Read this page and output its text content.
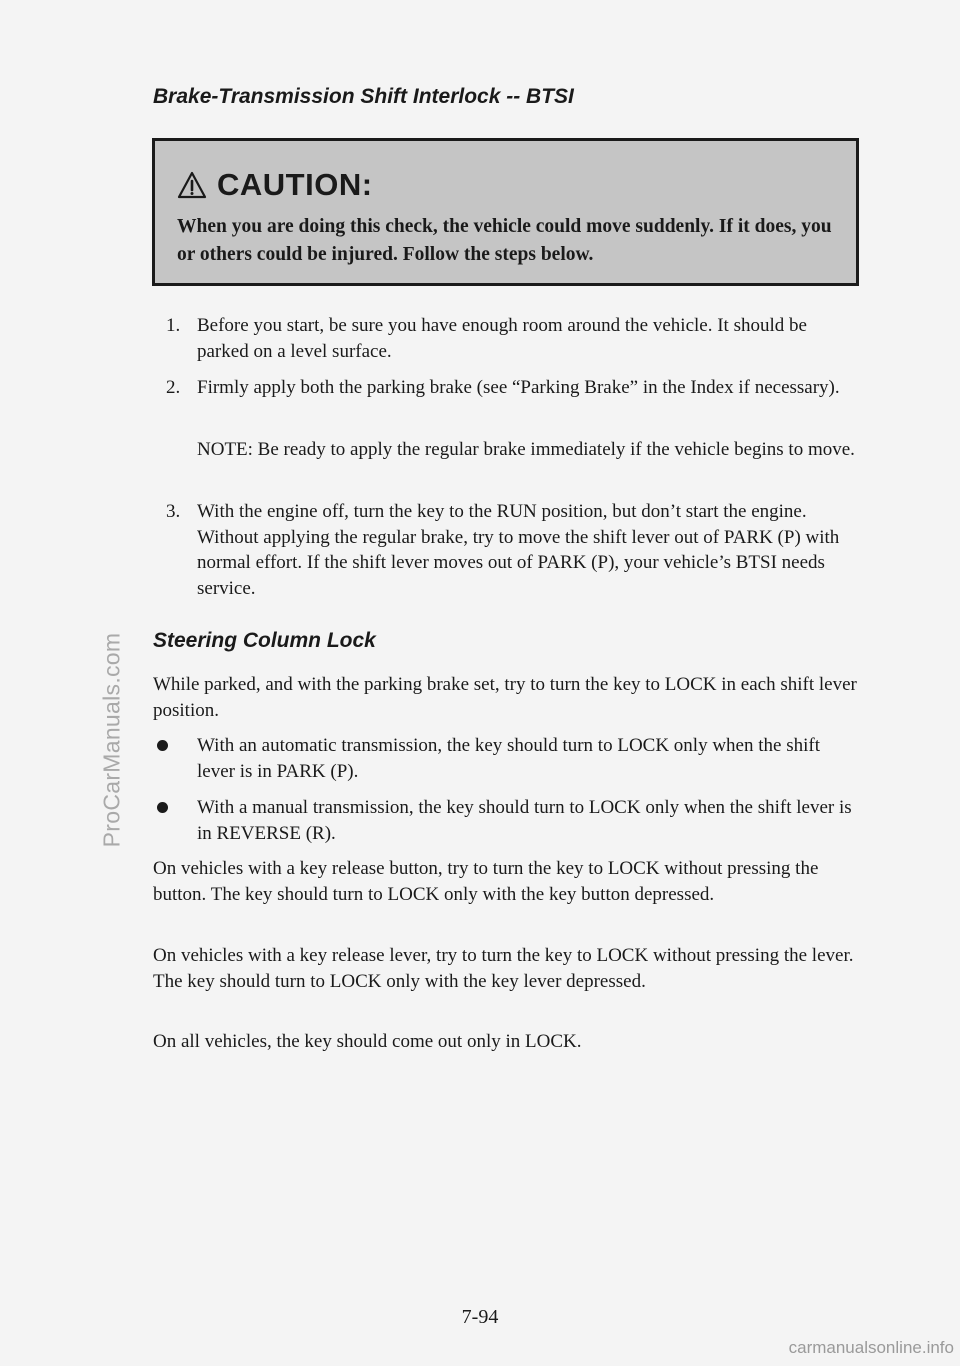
ProCarManuals.com
carmanualsonline.info
Brake-Transmission Shift Interlock -- BTSI
CAUTION:
When you are doing this check, the vehicle could move suddenly. If it does, you or others could be injured. Follow the steps below.
1. Before you start, be sure you have enough room around the vehicle. It should be parked on a level surface.
2. Firmly apply both the parking brake (see “Parking Brake” in the Index if necessary).
NOTE: Be ready to apply the regular brake immediately if the vehicle begins to move.
3. With the engine off, turn the key to the RUN position, but don’t start the engine. Without applying the regular brake, try to move the shift lever out of PARK (P) with normal effort. If the shift lever moves out of PARK (P), your vehicle’s BTSI needs service.
Steering Column Lock
While parked, and with the parking brake set, try to turn the key to LOCK in each shift lever position.
With an automatic transmission, the key should turn to LOCK only when the shift lever is in PARK (P).
With a manual transmission, the key should turn to LOCK only when the shift lever is in REVERSE (R).
On vehicles with a key release button, try to turn the key to LOCK without pressing the button. The key should turn to LOCK only with the key button depressed.
On vehicles with a key release lever, try to turn the key to LOCK without pressing the lever. The key should turn to LOCK only with the key lever depressed.
On all vehicles, the key should come out only in LOCK.
7-94
